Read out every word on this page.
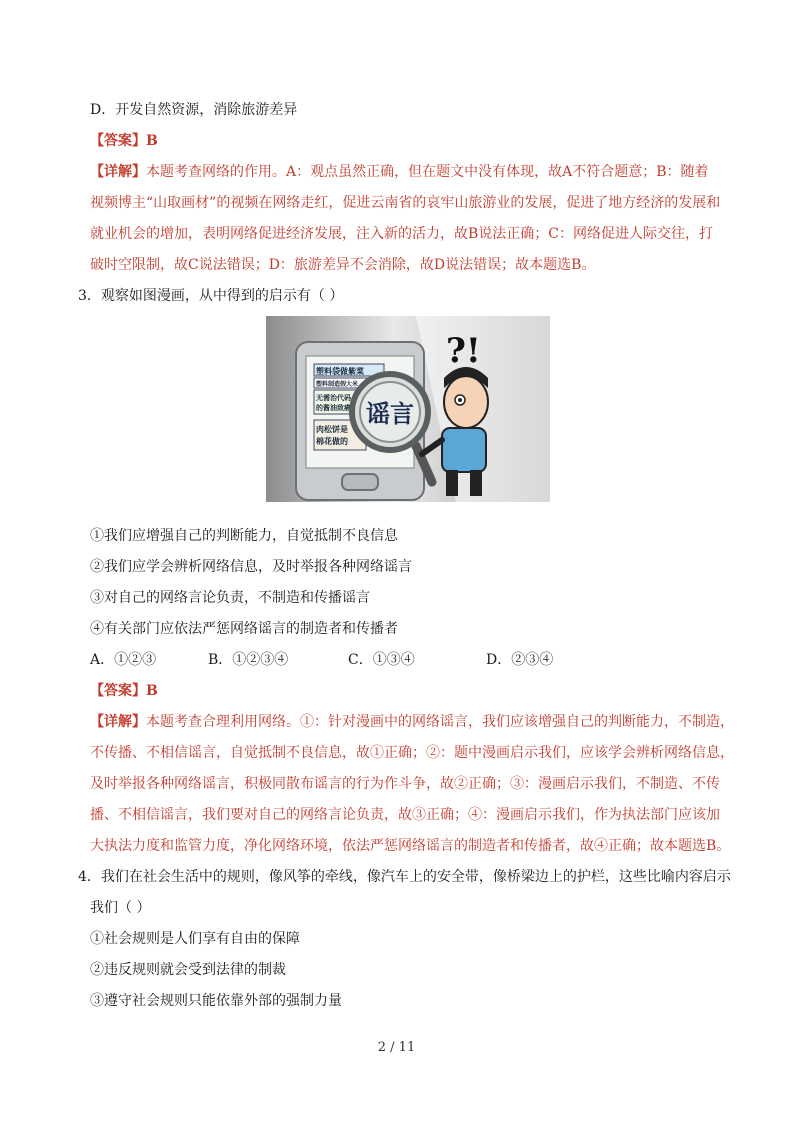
D．开发自然资源，消除旅游差异
【答案】B
【详解】本题考查网络的作用。A：观点虽然正确，但在题文中没有体现，故A不符合题意；B：随着
视频博主“山取画材”的视频在网络走红，促进云南省的哀牢山旅游业的发展，促进了地方经济的发展和
就业机会的增加，表明网络促进经济发展，注入新的活力，故B说法正确；C：网络促进人际交往，打
破时空限制，故C说法错误；D：旅游差异不会消除，故D说法错误；故本题选B。
3．观察如图漫画，从中得到的启示有（ ）
塑料袋做紫菜
塑料制造假大米
无需治代码
的酱油致癌
肉松饼是
棉花做的
谣言
?!
①我们应增强自己的判断能力，自觉抵制不良信息
②我们应学会辨析网络信息，及时举报各种网络谣言
③对自己的网络言论负责，不制造和传播谣言
④有关部门应依法严惩网络谣言的制造者和传播者
A．①②③	B．①②③④	C．①③④	D．②③④
【答案】B
【详解】本题考查合理利用网络。①：针对漫画中的网络谣言，我们应该增强自己的判断能力，不制造，
不传播、不相信谣言，自觉抵制不良信息，故①正确；②：题中漫画启示我们，应该学会辨析网络信息，
及时举报各种网络谣言，积极同散布谣言的行为作斗争，故②正确；③：漫画启示我们，不制造、不传
播、不相信谣言，我们要对自己的网络言论负责，故③正确；④：漫画启示我们，作为执法部门应该加
大执法力度和监管力度，净化网络环境，依法严惩网络谣言的制造者和传播者，故④正确；故本题选B。
4．我们在社会生活中的规则，像风筝的牵线，像汽车上的安全带，像桥梁边上的护栏，这些比喻内容启示
我们（ ）
①社会规则是人们享有自由的保障
②违反规则就会受到法律的制裁
③遵守社会规则只能依靠外部的强制力量
2 / 11
